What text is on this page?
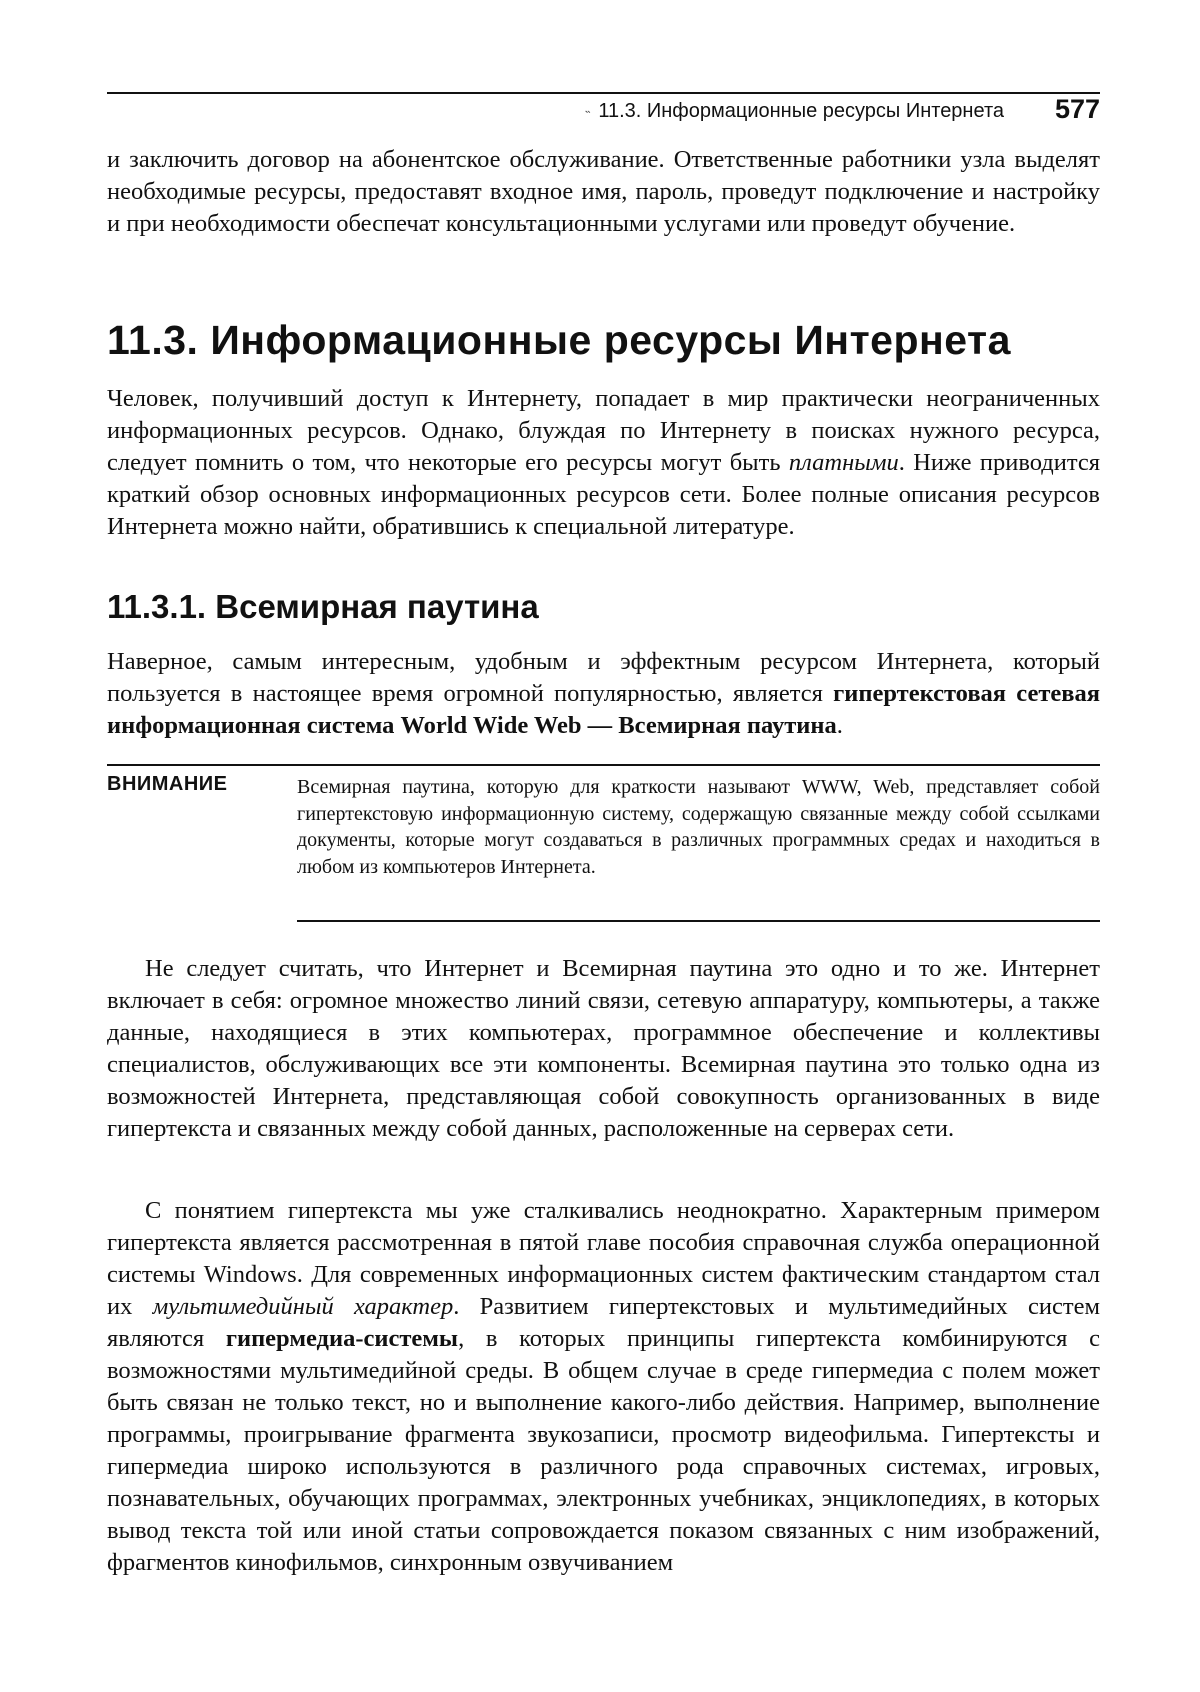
˵ 11.3. Информационные ресурсы Интернета 577

и заключить договор на абонентское обслуживание. Ответственные работники узла выделят необходимые ресурсы, предоставят входное имя, пароль, проведут подключение и настройку и при необходимости обеспечат консультационными услугами или проведут обучение.

11.3. Информационные ресурсы Интернета

Человек, получивший доступ к Интернету, попадает в мир практически неограниченных информационных ресурсов. Однако, блуждая по Интернету в поисках нужного ресурса, следует помнить о том, что некоторые его ресурсы могут быть платными. Ниже приводится краткий обзор основных информационных ресурсов сети. Более полные описания ресурсов Интернета можно найти, обратившись к специальной литературе.

11.3.1. Всемирная паутина

Наверное, самым интересным, удобным и эффектным ресурсом Интернета, который пользуется в настоящее время огромной популярностью, является гипертекстовая сетевая информационная система World Wide Web — Всемирная паутина.

ВНИМАНИЕ	Всемирная паутина, которую для краткости называют WWW, Web, представляет собой гипертекстовую информационную систему, содержащую связанные между собой ссылками документы, которые могут создаваться в различных программных средах и находиться в любом из компьютеров Интернета.

Не следует считать, что Интернет и Всемирная паутина это одно и то же. Интернет включает в себя: огромное множество линий связи, сетевую аппаратуру, компьютеры, а также данные, находящиеся в этих компьютерах, программное обеспечение и коллективы специалистов, обслуживающих все эти компоненты. Всемирная паутина это только одна из возможностей Интернета, представляющая собой совокупность организованных в виде гипертекста и связанных между собой данных, расположенные на серверах сети.

С понятием гипертекста мы уже сталкивались неоднократно. Характерным примером гипертекста является рассмотренная в пятой главе пособия справочная служба операционной системы Windows. Для современных информационных систем фактическим стандартом стал их мультимедийный характер. Развитием гипертекстовых и мультимедийных систем являются гипермедиа-системы, в которых принципы гипертекста комбинируются с возможностями мультимедийной среды. В общем случае в среде гипермедиа с полем может быть связан не только текст, но и выполнение какого-либо действия. Например, выполнение программы, проигрывание фрагмента звукозаписи, просмотр видеофильма. Гипертексты и гипермедиа широко используются в различного рода справочных системах, игровых, познавательных, обучающих программах, электронных учебниках, энциклопедиях, в которых вывод текста той или иной статьи сопровождается показом связанных с ним изображений, фрагментов кинофильмов, синхронным озвучиванием
